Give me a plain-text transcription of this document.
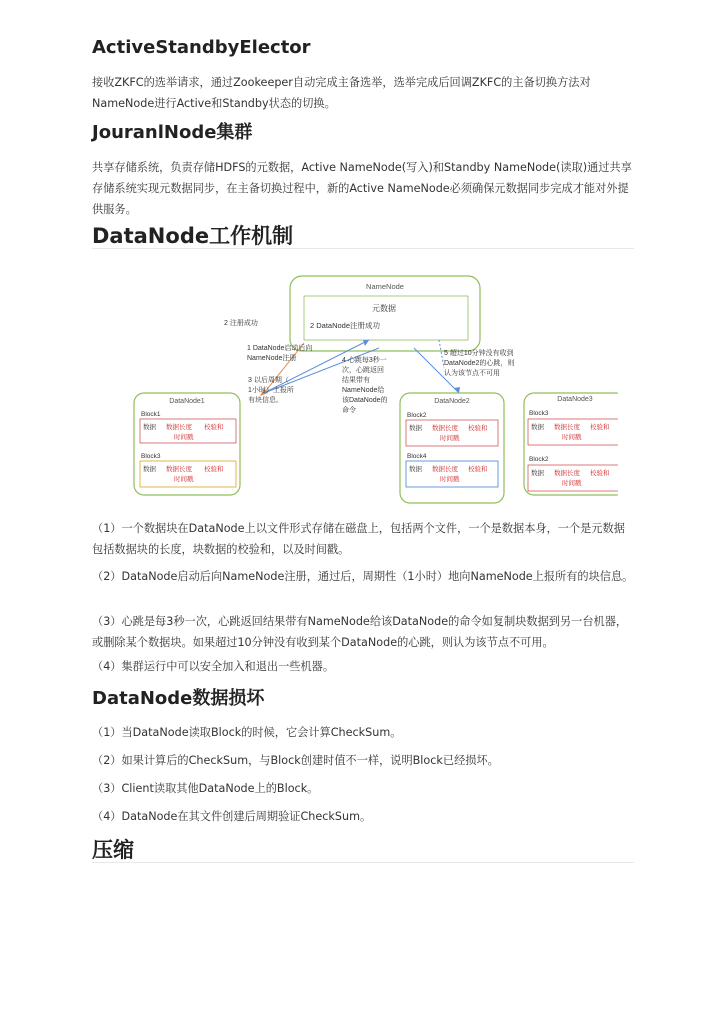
ActiveStandbyElector

接收ZKFC的选举请求，通过Zookeeper自动完成主备选举，选举完成后回调ZKFC的主备切换方法对NameNode进行Active和Standby状态的切换。

JouranlNode集群

共享存储系统，负责存储HDFS的元数据，Active NameNode(写入)和Standby NameNode(读取)通过共享存储系统实现元数据同步，在主备切换过程中，新的Active NameNode必须确保元数据同步完成才能对外提供服务。

DataNode工作机制
NameNode
元数据
2 DataNode注册成功
2 注册成功
1 DataNode启动后向
NameNode注册
3 以后周期（
1小时）上报所
有块信息。
4 心跳每3秒一
次，心跳返回
结果带有
NameNode给
该DataNode的
命令
5 超过10分钟没有收到
DataNode2的心跳，则
认为该节点不可用
DataNode1
Block1
数据 数据长度 校验和
时间戳
Block3
数据 数据长度 校验和
时间戳
DataNode2
Block2
数据 数据长度 校验和
时间戳
Block4
数据 数据长度 校验和
时间戳
DataNode3
Block3
数据 数据长度 校验和
时间戳
Block2
数据 数据长度 校验和
时间戳

（1）一个数据块在DataNode上以文件形式存储在磁盘上，包括两个文件，一个是数据本身，一个是元数据包括数据块的长度，块数据的校验和，以及时间戳。

（2）DataNode启动后向NameNode注册，通过后，周期性（1小时）地向NameNode上报所有的块信息。

（3）心跳是每3秒一次，心跳返回结果带有NameNode给该DataNode的命令如复制块数据到另一台机器，或删除某个数据块。如果超过10分钟没有收到某个DataNode的心跳，则认为该节点不可用。

（4）集群运行中可以安全加入和退出一些机器。

DataNode数据损坏

（1）当DataNode读取Block的时候，它会计算CheckSum。

（2）如果计算后的CheckSum，与Block创建时值不一样，说明Block已经损坏。

（3）Client读取其他DataNode上的Block。

（4）DataNode在其文件创建后周期验证CheckSum。

压缩
